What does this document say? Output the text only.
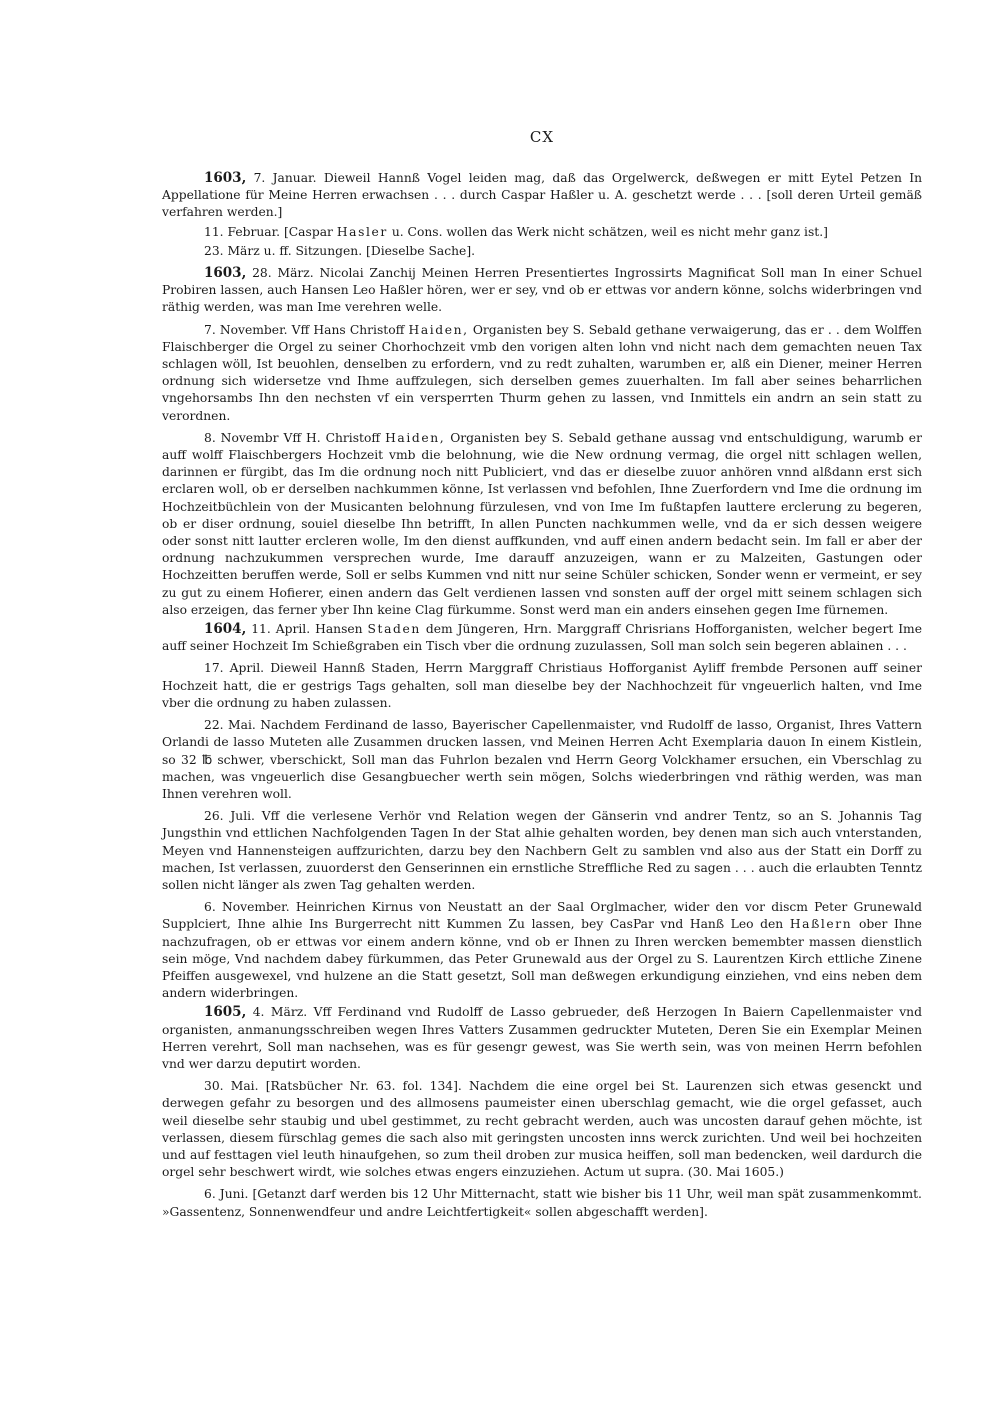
CX

1603, 7. Januar. Dieweil Hannß Vogel leiden mag, daß das Orgelwerck, deßwegen er mitt Eytel Petzen In Appellatione für Meine Herren erwachsen . . . durch Caspar Haßler u. A. geschetzt werde . . . [soll deren Urteil gemäß verfahren werden.]

11. Februar. [Caspar Hasler u. Cons. wollen das Werk nicht schätzen, weil es nicht mehr ganz ist.]

23. März u. ff. Sitzungen. [Dieselbe Sache].

1603, 28. März. Nicolai Zanchij Meinen Herren Presentiertes Ingrossirts Magnificat Soll man In einer Schuel Probiren lassen, auch Hansen Leo Haßler hören, wer er sey, vnd ob er ettwas vor andern könne, solchs widerbringen vnd räthig werden, was man Ime verehren welle.

7. November. Vff Hans Christoff Haiden, Organisten bey S. Sebald gethane verwaigerung, das er . . dem Wolffen Flaischberger die Orgel zu seiner Chorhochzeit vmb den vorigen alten lohn vnd nicht nach dem gemachten neuen Tax schlagen wöll, Ist beuohlen, denselben zu erfordern, vnd zu redt zuhalten, warumben er, alß ein Diener, meiner Herren ordnung sich widersetze vnd Ihme auffzulegen, sich derselben gemes zuuerhalten. Im fall aber seines beharrlichen vngehorsambs Ihn den nechsten vf ein versperrten Thurm gehen zu lassen, vnd Inmittels ein andrn an sein statt zu verordnen.

8. Novembr Vff H. Christoff Haiden, Organisten bey S. Sebald gethane aussag vnd entschuldigung, warumb er auff wolff Flaischbergers Hochzeit vmb die belohnung, wie die New ordnung vermag, die orgel nitt schlagen wellen, darinnen er fürgibt, das Im die ordnung noch nitt Publiciert, vnd das er dieselbe zuuor anhören vnnd alßdann erst sich erclaren woll, ob er derselben nachkummen könne, Ist verlassen vnd befohlen, Ihne Zuerfordern vnd Ime die ordnung im Hochzeitbüchlein von der Musicanten belohnung fürzulesen, vnd von Ime Im fußtapfen lauttere erclerung zu begeren, ob er diser ordnung, souiel dieselbe Ihn betrifft, In allen Puncten nachkummen welle, vnd da er sich dessen weigere oder sonst nitt lautter ercleren wolle, Im den dienst auffkunden, vnd auff einen andern bedacht sein. Im fall er aber der ordnung nachzukummen versprechen wurde, Ime darauff anzuzeigen, wann er zu Malzeiten, Gastungen oder Hochzeitten beruffen werde, Soll er selbs Kummen vnd nitt nur seine Schüler schicken, Sonder wenn er vermeint, er sey zu gut zu einem Hofierer, einen andern das Gelt verdienen lassen vnd sonsten auff der orgel mitt seinem schlagen sich also erzeigen, das ferner yber Ihn keine Clag fürkumme. Sonst werd man ein anders einsehen gegen Ime fürnemen.

1604, 11. April. Hansen Staden dem Jüngeren, Hrn. Marggraff Chrisrians Hofforganisten, welcher begert Ime auff seiner Hochzeit Im Schießgraben ein Tisch vber die ordnung zuzulassen, Soll man solch sein begeren ablainen . . .

17. April. Dieweil Hannß Staden, Herrn Marggraff Christiaus Hofforganist Ayliff frembde Personen auff seiner Hochzeit hatt, die er gestrigs Tags gehalten, soll man dieselbe bey der Nachhochzeit für vngeuerlich halten, vnd Ime vber die ordnung zu haben zulassen.

22. Mai. Nachdem Ferdinand de lasso, Bayerischer Capellenmaister, vnd Rudolff de lasso, Organist, Ihres Vattern Orlandi de lasso Muteten alle Zusammen drucken lassen, vnd Meinen Herren Acht Exemplaria dauon In einem Kistlein, so 32 ℔ schwer, vberschickt, Soll man das Fuhrlon bezalen vnd Herrn Georg Volckhamer ersuchen, ein Vberschlag zu machen, was vngeuerlich dise Gesangbuecher werth sein mögen, Solchs wiederbringen vnd räthig werden, was man Ihnen verehren woll.

26. Juli. Vff die verlesene Verhör vnd Relation wegen der Gänserin vnd andrer Tentz, so an S. Johannis Tag Jungsthin vnd ettlichen Nachfolgenden Tagen In der Stat alhie gehalten worden, bey denen man sich auch vnterstanden, Meyen vnd Hannensteigen auffzurichten, darzu bey den Nachbern Gelt zu samblen vnd also aus der Statt ein Dorff zu machen, Ist verlassen, zuuorderst den Genserinnen ein ernstliche Streffliche Red zu sagen . . . auch die erlaubten Tenntz sollen nicht länger als zwen Tag gehalten werden.

6. November. Heinrichen Kirnus von Neustatt an der Saal Orglmacher, wider den vor discm Peter Grunewald Supplciert, Ihne alhie Ins Burgerrecht nitt Kummen Zu lassen, bey CasPar vnd Hanß Leo den Haßlern ober Ihne nachzufragen, ob er ettwas vor einem andern könne, vnd ob er Ihnen zu Ihren wercken bemembter massen dienstlich sein möge, Vnd nachdem dabey fürkummen, das Peter Grunewald aus der Orgel zu S. Laurentzen Kirch ettliche Zinene Pfeiffen ausgewexel, vnd hulzene an die Statt gesetzt, Soll man deßwegen erkundigung einziehen, vnd eins neben dem andern widerbringen.

1605, 4. März. Vff Ferdinand vnd Rudolff de Lasso gebrueder, deß Herzogen In Baiern Capellenmaister vnd organisten, anmanungsschreiben wegen Ihres Vatters Zusammen gedruckter Muteten, Deren Sie ein Exemplar Meinen Herren verehrt, Soll man nachsehen, was es für gesengr gewest, was Sie werth sein, was von meinen Herrn befohlen vnd wer darzu deputirt worden.

30. Mai. [Ratsbücher Nr. 63. fol. 134]. Nachdem die eine orgel bei St. Laurenzen sich etwas gesenckt und derwegen gefahr zu besorgen und des allmosens paumeister einen uberschlag gemacht, wie die orgel gefasset, auch weil dieselbe sehr staubig und ubel gestimmet, zu recht gebracht werden, auch was uncosten darauf gehen möchte, ist verlassen, diesem fürschlag gemes die sach also mit geringsten uncosten inns werck zurichten. Und weil bei hochzeiten und auf festtagen viel leuth hinaufgehen, so zum theil droben zur musica heiffen, soll man bedencken, weil dardurch die orgel sehr beschwert wirdt, wie solches etwas engers einzuziehen. Actum ut supra. (30. Mai 1605.)

6. Juni. [Getanzt darf werden bis 12 Uhr Mitternacht, statt wie bisher bis 11 Uhr, weil man spät zusammenkommt. »Gassentenz, Sonnenwendfeur und andre Leichtfertigkeit« sollen abgeschafft werden].
